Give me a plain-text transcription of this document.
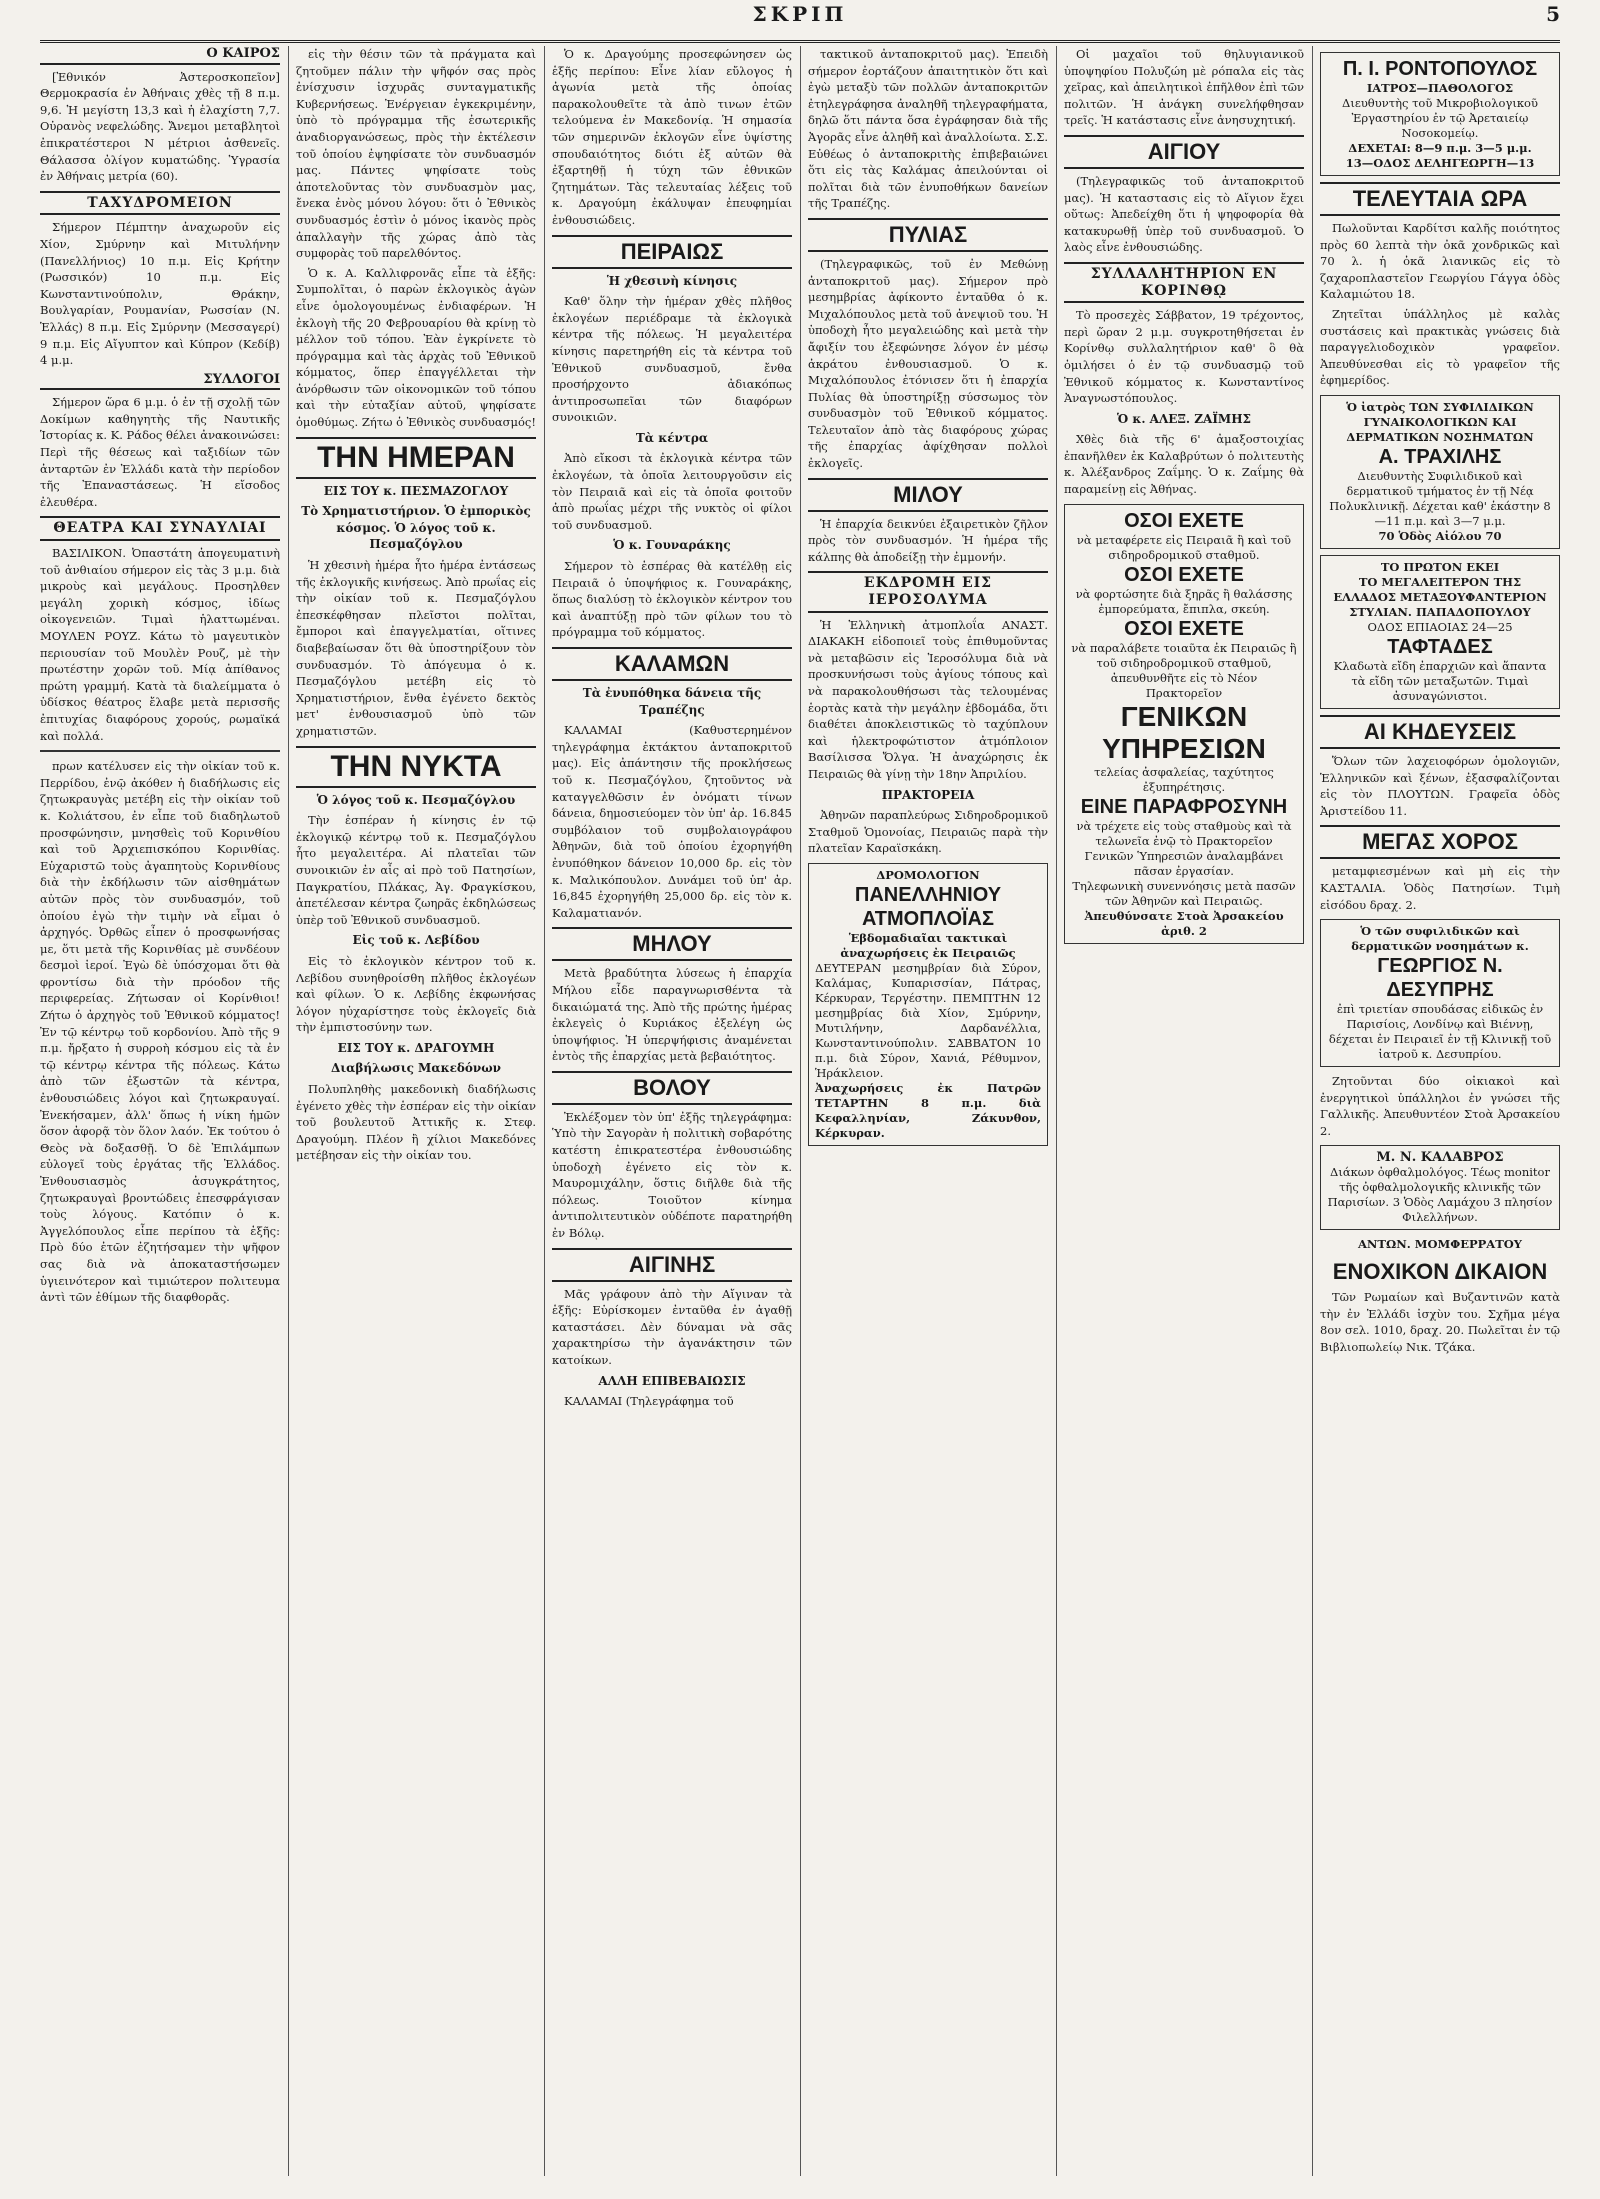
ΣΚΡΙΠ	5
Ο ΚΑΙΡΟΣ

[Ἐθνικόν Ἀστεροσκοπεῖον] Θερμοκρασία ἐν Ἀθήναις χθὲς τῇ 8 π.μ. 9,6. Ἡ μεγίστη 13,3 καὶ ἡ ἐλαχίστη 7,7. Οὐρανὸς νεφελώδης. Ἄνεμοι μεταβλητοὶ ἐπικρατέστεροι Ν μέτριοι ἀσθενεῖς. Θάλασσα ὀλίγον κυματώδης. Ὑγρασία ἐν Ἀθήναις μετρία (60).

ΤΑΧΥΔΡΟΜΕΙΟΝ

Σήμερον Πέμπτην ἀναχωροῦν εἰς Χίον, Σμύρνην καὶ Μιτυλήνην (Πανελλήνιος) 10 π.μ. Εἰς Κρήτην (Ρωσσικόν) 10 π.μ. Εἰς Κωνσταντινούπολιν, Θράκην, Βουλγαρίαν, Ρουμανίαν, Ρωσσίαν (Ν. Ἑλλάς) 8 π.μ. Εἰς Σμύρνην (Μεσσαγερί) 9 π.μ. Εἰς Αἴγυπτον καὶ Κύπρον (Κεδίβ) 4 μ.μ.

ΣΥΛΛΟΓΟΙ

Σήμερον ὥρα 6 μ.μ. ὁ ἐν τῇ σχολῇ τῶν Δοκίμων καθηγητὴς τῆς Ναυτικῆς Ἱστορίας κ. Κ. Ράδος θέλει ἀνακοινώσει: Περὶ τῆς θέσεως καὶ ταξιδίων τῶν ἀνταρτῶν ἐν Ἑλλάδι κατὰ τὴν περίοδον τῆς Ἐπαναστάσεως. Ἡ εἴσοδος ἐλευθέρα.

ΘΕΑΤΡΑ ΚΑΙ ΣΥΝΑΥΛΙΑΙ

ΒΑΣΙΛΙΚΟΝ. Ὀπαστάτη ἀπογευματινὴ τοῦ ἀνθιαίου σήμερον εἰς τὰς 3 μ.μ. διὰ μικροὺς καὶ μεγάλους. Προσηλθεν μεγάλη χορικὴ κόσμος, ἰδίως οἰκογενειῶν. Τιμαὶ ἡλαττωμέναι. ΜΟΥΛΕΝ ΡΟΥΖ. Κάτω τὸ μαγευτικὸν περιουσίαν τοῦ Μουλὲν Ρουζ, μὲ τὴν πρωτέστην χορῶν τοῦ. Μίᾳ ἀπίθανος πρώτη γραμμή. Κατὰ τὰ διαλείμματα ὁ ὑδίσκος θέατρος ἔλαβε μετὰ περισσῆς ἐπιτυχίας διαφόρους χορούς, ρωμαϊκά καὶ πολλά.

πρων κατέλυσεν εἰς τὴν οἰκίαν τοῦ κ. Περρίδου, ἐνῷ ἀκόθεν ἡ διαδήλωσις εἰς ζητωκραυγὰς μετέβη εἰς τὴν οἰκίαν τοῦ κ. Κολιάτσου, ἐν εἶπε τοῦ διαδηλωτοῦ προσφώνησιν, μνησθεὶς τοῦ Κορινθίου καὶ τοῦ Ἀρχιεπισκόπου Κορινθίας. Εὐχαριστῶ τοὺς ἀγαπητοὺς Κορινθίους διὰ τὴν ἐκδήλωσιν τῶν αἰσθημάτων αὐτῶν πρὸς τὸν συνδυασμόν, τοῦ ὁποίου ἐγὼ τὴν τιμὴν νὰ εἶμαι ὁ ἀρχηγός. Ὀρθῶς εἶπεν ὁ προσφωνήσας με, ὅτι μετὰ τῆς Κορινθίας μὲ συνδέουν δεσμοὶ ἱεροί. Ἐγὼ δὲ ὑπόσχομαι ὅτι θὰ φροντίσω διὰ τὴν πρόοδον τῆς περιφερείας. Ζήτωσαν οἱ Κορίνθιοι! Ζήτω ὁ ἀρχηγὸς τοῦ Ἐθνικοῦ κόμματος! Ἐν τῷ κέντρῳ τοῦ κορδονίου. Ἀπὸ τῆς 9 π.μ. ἤρξατο ἡ συρροὴ κόσμου εἰς τὰ ἐν τῷ κέντρῳ κέντρα τῆς πόλεως. Κάτω ἀπὸ τῶν ἐξωστῶν τὰ κέντρα, ἐνθουσιώδεις λόγοι καὶ ζητωκραυγαί. Ἐνεκήσαμεν, ἀλλ' ὅπως ἡ νίκη ἡμῶν ὅσον ἀφορᾷ τὸν ὅλον λαόν. Ἐκ τούτου ὁ Θεὸς νὰ δοξασθῇ. Ὁ δὲ Ἐπιλάμπων εὐλογεῖ τοὺς ἐργάτας τῆς Ἐλλάδος. Ἐνθουσιασμὸς ἀσυγκράτητος, ζητωκραυγαὶ βροντώδεις ἐπεσφράγισαν τοὺς λόγους. Κατόπιν ὁ κ. Ἀγγελόπουλος εἶπε περίπου τὰ ἑξῆς: Πρὸ δύο ἐτῶν ἐζητήσαμεν τὴν ψῆφον σας διὰ νὰ ἀποκαταστήσωμεν ὑγιεινότερον καὶ τιμιώτερον πολιτευμα ἀντὶ τῶν ἐθίμων τῆς διαφθορᾶς.

εἰς τὴν θέσιν τῶν τὰ πράγματα καὶ ζητοῦμεν πάλιν τὴν ψῆφόν σας πρὸς ἐνίσχυσιν ἰσχυρᾶς συνταγματικῆς Κυβερνήσεως. Ἐνέργειαν ἐγκεκριμένην, ὑπὸ τὸ πρόγραμμα τῆς ἐσωτερικῆς ἀναδιοργανώσεως, πρὸς τὴν ἐκτέλεσιν τοῦ ὁποίου ἐψηφίσατε τὸν συνδυασμόν μας. Πάντες ψηφίσατε τοὺς ἀποτελοῦντας τὸν συνδυασμὸν μας, ἔνεκα ἐνὸς μόνου λόγου: ὅτι ὁ Ἐθνικὸς συνδυασμός ἐστὶν ὁ μόνος ἱκανὸς πρὸς ἀπαλλαγὴν τῆς χώρας ἀπὸ τὰς συμφορὰς τοῦ παρελθόντος.

Ὁ κ. Α. Καλλιφρονᾶς εἶπε τὰ ἑξῆς: Συμπολῖται, ὁ παρὼν ἐκλογικὸς ἀγὼν εἶνε ὁμολογουμένως ἐνδιαφέρων. Ἡ ἐκλογὴ τῆς 20 Φεβρουαρίου θὰ κρίνῃ τὸ μέλλον τοῦ τόπου. Ἐὰν ἐγκρίνετε τὸ πρόγραμμα καὶ τὰς ἀρχὰς τοῦ Ἐθνικοῦ κόμματος, ὅπερ ἐπαγγέλλεται τὴν ἀνόρθωσιν τῶν οἰκονομικῶν τοῦ τόπου καὶ τὴν εὐταξίαν αὐτοῦ, ψηφίσατε ὁμοθύμως. Ζήτω ὁ Ἐθνικὸς συνδυασμός!

ΤΗΝ ΗΜΕΡΑΝ
ΕΙΣ ΤΟΥ κ. ΠΕΣΜΑΖΟΓΛΟΥ
Τὸ Χρηματιστήριον. Ὁ ἐμπορικὸς κόσμος. Ὁ λόγος τοῦ κ. Πεσμαζόγλου

Ἡ χθεσινὴ ἡμέρα ἦτο ἡμέρα ἐντάσεως τῆς ἐκλογικῆς κινήσεως. Ἀπὸ πρωΐας εἰς τὴν οἰκίαν τοῦ κ. Πεσμαζόγλου ἐπεσκέφθησαν πλεῖστοι πολῖται, ἔμποροι καὶ ἐπαγγελματίαι, οἵτινες διαβεβαίωσαν ὅτι θὰ ὑποστηρίξουν τὸν συνδυασμόν. Τὸ ἀπόγευμα ὁ κ. Πεσμαζόγλου μετέβη εἰς τὸ Χρηματιστήριον, ἔνθα ἐγένετο δεκτὸς μετ' ἐνθουσιασμοῦ ὑπὸ τῶν χρηματιστῶν.

ΤΗΝ ΝΥΚΤΑ
Ὁ λόγος τοῦ κ. Πεσμαζόγλου

Τὴν ἑσπέραν ἡ κίνησις ἐν τῷ ἐκλογικῷ κέντρῳ τοῦ κ. Πεσμαζόγλου ἦτο μεγαλειτέρα. Αἱ πλατεῖαι τῶν συνοικιῶν ἐν αἷς αἱ πρὸ τοῦ Πατησίων, Παγκρατίου, Πλάκας, Ἀγ. Φραγκίσκου, ἀπετέλεσαν κέντρα ζωηρᾶς ἐκδηλώσεως ὑπὲρ τοῦ Ἐθνικοῦ συνδυασμοῦ.

Εἰς τοῦ κ. Λεβίδου

Εἰς τὸ ἐκλογικὸν κέντρον τοῦ κ. Λεβίδου συνηθροίσθη πλῆθος ἐκλογέων καὶ φίλων. Ὁ κ. Λεβίδης ἐκφωνήσας λόγον ηὐχαρίστησε τοὺς ἐκλογεῖς διὰ τὴν ἐμπιστοσύνην των.

ΕΙΣ ΤΟΥ κ. ΔΡΑΓΟΥΜΗ
Διαβήλωσις Μακεδόνων

Πολυπληθὴς μακεδονικὴ διαδήλωσις ἐγένετο χθὲς τὴν ἑσπέραν εἰς τὴν οἰκίαν τοῦ βουλευτοῦ Ἀττικῆς κ. Στεφ. Δραγούμη. Πλέον ἢ χίλιοι Μακεδόνες μετέβησαν εἰς τὴν οἰκίαν του.

Ὁ κ. Δραγούμης προσεφώνησεν ὡς ἑξῆς περίπου: Εἶνε λίαν εὔλογος ἡ ἀγωνία μετὰ τῆς ὁποίας παρακολουθεῖτε τὰ ἀπὸ τινων ἐτῶν τελούμενα ἐν Μακεδονίᾳ. Ἡ σημασία τῶν σημερινῶν ἐκλογῶν εἶνε ὑψίστης σπουδαιότητος διότι ἐξ αὐτῶν θὰ ἐξαρτηθῇ ἡ τύχη τῶν ἐθνικῶν ζητημάτων. Τὰς τελευταίας λέξεις τοῦ κ. Δραγούμη ἐκάλυψαν ἐπευφημίαι ἐνθουσιώδεις.

ΠΕΙΡΑΙΩΣ
Ἡ χθεσινὴ κίνησις

Καθ' ὅλην τὴν ἡμέραν χθὲς πλῆθος ἐκλογέων περιέδραμε τὰ ἐκλογικὰ κέντρα τῆς πόλεως. Ἡ μεγαλειτέρα κίνησις παρετηρήθη εἰς τὰ κέντρα τοῦ Ἐθνικοῦ συνδυασμοῦ, ἔνθα προσήρχοντο ἀδιακόπως ἀντιπροσωπεῖαι τῶν διαφόρων συνοικιῶν.

Τὰ κέντρα

Ἀπὸ εἴκοσι τὰ ἐκλογικὰ κέντρα τῶν ἐκλογέων, τὰ ὁποῖα λειτουργοῦσιν εἰς τὸν Πειραιᾶ καὶ εἰς τὰ ὁποῖα φοιτοῦν ἀπὸ πρωΐας μέχρι τῆς νυκτὸς οἱ φίλοι τοῦ συνδυασμοῦ.

Ὁ κ. Γουναράκης

Σήμερον τὸ ἑσπέρας θὰ κατέλθῃ εἰς Πειραιᾶ ὁ ὑποψήφιος κ. Γουναράκης, ὅπως διαλύσῃ τὸ ἐκλογικὸν κέντρον του καὶ ἀναπτύξῃ πρὸ τῶν φίλων του τὸ πρόγραμμα τοῦ κόμματος.

ΚΑΛΑΜΩΝ
Τὰ ἐνυπόθηκα δάνεια τῆς Τραπέζης

ΚΑΛΑΜΑΙ (Καθυστερημένον τηλεγράφημα ἐκτάκτου ἀνταποκριτοῦ μας). Εἰς ἀπάντησιν τῆς προκλήσεως τοῦ κ. Πεσμαζόγλου, ζητοῦντος νὰ καταγγελθῶσιν ἐν ὀνόματι τίνων δάνεια, δημοσιεύομεν τὸν ὑπ' ἀρ. 16.845 συμβόλαιον τοῦ συμβολαιογράφου Ἀθηνῶν, διὰ τοῦ ὁποίου ἐχορηγήθη ἐνυπόθηκον δάνειον 10,000 δρ. εἰς τὸν κ. Μαλικόπουλον. Δυνάμει τοῦ ὑπ' ἀρ. 16,845 ἐχορηγήθη 25,000 δρ. εἰς τὸν κ. Καλαματιανόν.

ΜΗΛΟΥ

Μετὰ βραδύτητα λύσεως ἡ ἐπαρχία Μήλου εἶδε παραγνωρισθέντα τὰ δικαιώματά της. Ἀπὸ τῆς πρώτης ἡμέρας ἐκλεγεὶς ὁ Κυριάκος ἐξελέγη ὡς ὑποψήφιος. Ἡ ὑπερψήφισις ἀναμένεται ἐντὸς τῆς ἐπαρχίας μετὰ βεβαιότητος.

ΒΟΛΟΥ

Ἐκλέξομεν τὸν ὑπ' ἐξῆς τηλεγράφημα: Ὑπὸ τὴν Σαγορὰν ἡ πολιτικὴ σοβαρότης κατέστη ἐπικρατεστέρα ἐνθουσιώδης ὑποδοχὴ ἐγένετο εἰς τὸν κ. Μαυρομιχάλην, ὅστις διῆλθε διὰ τῆς πόλεως. Τοιοῦτον κίνημα ἀντιπολιτευτικὸν οὐδέποτε παρατηρήθη ἐν Βόλῳ.

ΑΙΓΙΝΗΣ

Μᾶς γράφουν ἀπὸ τὴν Αἴγιναν τὰ ἑξῆς: Εὑρίσκομεν ἐνταῦθα ἐν ἀγαθῇ καταστάσει. Δὲν δύναμαι νὰ σᾶς χαρακτηρίσω τὴν ἀγανάκτησιν τῶν κατοίκων.

ΑΛΛΗ ΕΠΙΒΕΒΑΙΩΣΙΣ

ΚΑΛΑΜΑΙ (Τηλεγράφημα τοῦ

τακτικοῦ ἀνταποκριτοῦ μας). Ἐπειδὴ σήμερον ἐορτάζουν ἀπαιτητικὸν ὅτι καὶ ἐγὼ μεταξὺ τῶν πολλῶν ἀνταποκριτῶν ἐτηλεγράφησα ἀναληθῆ τηλεγραφήματα, δηλῶ ὅτι πάντα ὅσα ἐγράφησαν διὰ τῆς Ἀγορᾶς εἶνε ἀληθῆ καὶ ἀναλλοίωτα. Σ.Σ. Εὐθέως ὁ ἀνταποκριτὴς ἐπιβεβαιώνει ὅτι εἰς τὰς Καλάμας ἀπειλούνται οἱ πολῖται διὰ τῶν ἐνυποθήκων δανείων τῆς Τραπέζης.

ΠΥΛΙΑΣ

(Τηλεγραφικῶς, τοῦ ἐν Μεθώνῃ ἀνταποκριτοῦ μας). Σήμερον πρὸ μεσημβρίας ἀφίκοντο ἐνταῦθα ὁ κ. Μιχαλόπουλος μετὰ τοῦ ἀνεψιοῦ του. Ἡ ὑποδοχὴ ἦτο μεγαλειώδης καὶ μετὰ τὴν ἄφιξίν του ἐξεφώνησε λόγον ἐν μέσῳ ἀκράτου ἐνθουσιασμοῦ. Ὁ κ. Μιχαλόπουλος ἐτόνισεν ὅτι ἡ ἐπαρχία Πυλίας θὰ ὑποστηρίξῃ σύσσωμος τὸν συνδυασμὸν τοῦ Ἐθνικοῦ κόμματος. Τελευταῖον ἀπὸ τὰς διαφόρους χώρας τῆς ἐπαρχίας ἀφίχθησαν πολλοὶ ἐκλογεῖς.

ΜΙΛΟΥ

Ἡ ἐπαρχία δεικνύει ἐξαιρετικὸν ζῆλον πρὸς τὸν συνδυασμόν. Ἡ ἡμέρα τῆς κάλπης θὰ ἀποδείξῃ τὴν ἐμμονήν.

ΕΚΔΡΟΜΗ ΕΙΣ ΙΕΡΟΣΟΛΥΜΑ

Ἡ Ἑλληνικὴ ἀτμοπλοΐα ΑΝΑΣΤ. ΔΙΑΚΑΚΗ εἰδοποιεῖ τοὺς ἐπιθυμοῦντας νὰ μεταβῶσιν εἰς Ἱεροσόλυμα διὰ νὰ προσκυνήσωσι τοὺς ἁγίους τόπους καὶ νὰ παρακολουθήσωσι τὰς τελουμένας ἑορτὰς κατὰ τὴν μεγάλην ἑβδομάδα, ὅτι διαθέτει ἀποκλειστικῶς τὸ ταχύπλουν καὶ ἠλεκτροφώτιστον ἀτμόπλοιον Βασίλισσα Ὄλγα. Ἡ ἀναχώρησις ἐκ Πειραιῶς θὰ γίνῃ τὴν 18ην Ἀπριλίου.

ΠΡΑΚΤΟΡΕΙΑ

Ἀθηνῶν παραπλεύρως Σιδηροδρομικοῦ Σταθμοῦ Ὁμονοίας, Πειραιῶς παρὰ τὴν πλατεῖαν Καραϊσκάκη.

ΔΡΟΜΟΛΟΓΙΟΝ
ΠΑΝΕΛΛΗΝΙΟΥ ΑΤΜΟΠΛΟΪΑΣ
Ἑβδομαδιαῖαι τακτικαὶ ἀναχωρήσεις ἐκ Πειραιῶς
ΔΕΥΤΕΡΑΝ μεσημβρίαν διὰ Σύρον, Καλάμας, Κυπαρισσίαν, Πάτρας, Κέρκυραν, Τεργέστην. ΠΕΜΠΤΗΝ 12 μεσημβρίας διὰ Χίον, Σμύρνην, Μυτιλήνην, Δαρδανέλλια, Κωνσταντινούπολιν. ΣΑΒΒΑΤΟΝ 10 π.μ. διὰ Σύρον, Χανιά, Ρέθυμνον, Ἡράκλειον.
Ἀναχωρήσεις ἐκ Πατρῶν ΤΕΤΑΡΤΗΝ 8 π.μ. διὰ Κεφαλληνίαν, Ζάκυνθον, Κέρκυραν.

Οἱ μαχαῖοι τοῦ θηλυγιανικοῦ ὑποψηφίου Πολυζώη μὲ ρόπαλα εἰς τὰς χεῖρας, καὶ ἀπειλητικοὶ ἐπῆλθον ἐπὶ τῶν πολιτῶν. Ἡ ἀνάγκη συνελήφθησαν τρεῖς. Ἡ κατάστασις εἶνε ἀνησυχητική.

ΑΙΓΙΟΥ

(Τηλεγραφικῶς τοῦ ἀνταποκριτοῦ μας). Ἡ καταστασις εἰς τὸ Αἴγιον ἔχει οὕτως: Ἀπεδείχθη ὅτι ἡ ψηφοφορία θὰ κατακυρωθῇ ὑπὲρ τοῦ συνδυασμοῦ. Ὁ λαὸς εἶνε ἐνθουσιώδης.

ΣΥΛΛΑΛΗΤΗΡΙΟΝ ΕΝ ΚΟΡΙΝΘῼ

Τὸ προσεχὲς Σάββατον, 19 τρέχοντος, περὶ ὥραν 2 μ.μ. συγκροτηθήσεται ἐν Κορίνθῳ συλλαλητήριον καθ' ὃ θὰ ὁμιλήσει ὁ ἐν τῷ συνδυασμῷ τοῦ Ἐθνικοῦ κόμματος κ. Κωνσταντίνος Ἀναγνωστόπουλος.

Ὁ κ. ΑΛΕΞ. ΖΑΪΜΗΣ

Χθὲς διὰ τῆς 6' ἀμαξοστοιχίας ἐπανῆλθεν ἐκ Καλαβρύτων ὁ πολιτευτὴς κ. Ἀλέξανδρος Ζαΐμης. Ὁ κ. Ζαΐμης θὰ παραμείνῃ εἰς Ἀθήνας.

ΟΣΟΙ ΕΧΕΤΕ
νὰ μεταφέρετε εἰς Πειραιᾶ ἢ καὶ τοῦ σιδηροδρομικοῦ σταθμοῦ.
ΟΣΟΙ ΕΧΕΤΕ
νὰ φορτώσητε διὰ ξηρᾶς ἢ θαλάσσης ἐμπορεύματα, ἔπιπλα, σκεύη.
ΟΣΟΙ ΕΧΕΤΕ
νὰ παραλάβετε τοιαῦτα ἐκ Πειραιῶς ἢ τοῦ σιδηροδρομικοῦ σταθμοῦ, ἀπευθυνθῆτε εἰς τὸ Νέον Πρακτορεῖον
ΓΕΝΙΚΩΝ ΥΠΗΡΕΣΙΩΝ
τελείας ἀσφαλείας, ταχύτητος ἐξυπηρέτησις.
ΕΙΝΕ ΠΑΡΑΦΡΟΣΥΝΗ
νὰ τρέχετε εἰς τοὺς σταθμοὺς καὶ τὰ τελωνεῖα ἐνῷ τὸ Πρακτορεῖον Γενικῶν Ὑπηρεσιῶν ἀναλαμβάνει πᾶσαν ἐργασίαν.
Τηλεφωνικὴ συνεννόησις μετὰ πασῶν τῶν Ἀθηνῶν καὶ Πειραιῶς.
Ἀπευθύνσατε Στοὰ Ἀρσακείου ἀριθ. 2
Π. Ι. ΡΟΝΤΟΠΟΥΛΟΣ
ΙΑΤΡΟΣ—ΠΑΘΟΛΟΓΟΣ
Διευθυντὴς τοῦ Μικροβιολογικοῦ Ἐργαστηρίου ἐν τῷ Ἀρεταιείῳ Νοσοκομείῳ.
ΔΕΧΕΤΑΙ: 8—9 π.μ. 3—5 μ.μ.
13—ΟΔΟΣ ΔΕΛΗΓΕΩΡΓΗ—13
ΤΕΛΕΥΤΑΙΑ ΩΡΑ

Πωλοῦνται Καρδίτσι καλῆς ποιότητος πρὸς 60 λεπτὰ τὴν ὀκᾶ χονδρικῶς καὶ 70 λ. ἡ ὀκᾶ λιανικῶς εἰς τὸ ζαχαροπλαστεῖον Γεωργίου Γάγγα ὁδὸς Καλαμιώτου 18.

Ζητεῖται ὑπάλληλος μὲ καλὰς συστάσεις καὶ πρακτικὰς γνώσεις διὰ παραγγελιοδοχικὸν γραφεῖον. Ἀπευθύνεσθαι εἰς τὸ γραφεῖον τῆς ἐφημερίδος.

Ὁ ἰατρὸς ΤΩΝ ΣΥΦΙΛΙΔΙΚΩΝ
ΓΥΝΑΙΚΟΛΟΓΙΚΩΝ ΚΑΙ ΔΕΡΜΑΤΙΚΩΝ ΝΟΣΗΜΑΤΩΝ
Α. ΤΡΑΧΙΛΗΣ
Διευθυντὴς Συφιλιδικοῦ καὶ δερματικοῦ τμήματος ἐν τῇ Νέᾳ Πολυκλινικῇ. Δέχεται καθ' ἑκάστην 8—11 π.μ. καὶ 3—7 μ.μ.
70 Ὁδὸς Αἰόλου 70
ΤΟ ΠΡΩΤΟΝ ΕΚΕΙ
ΤΟ ΜΕΓΑΛΕΙΤΕΡΟΝ ΤΗΣ ΕΛΛΑΔΟΣ ΜΕΤΑΞΟΥΦΑΝΤΕΡΙΟΝ
ΣΤΥΛΙΑΝ. ΠΑΠΑΔΟΠΟΥΛΟΥ
ΟΔΟΣ ΕΠΙΑΟΙΑΣ 24—25
ΤΑΦΤΑΔΕΣ
Κλαδωτὰ εἴδη ἐπαρχιῶν καὶ ἅπαντα τὰ εἴδη τῶν μεταξωτῶν. Τιμαὶ ἀσυναγώνιστοι.
ΑΙ ΚΗΔΕΥΣΕΙΣ

Ὅλων τῶν λαχειοφόρων ὁμολογιῶν, Ἑλληνικῶν καὶ ξένων, ἐξασφαλίζονται εἰς τὸν ΠΛΟΥΤΩΝ. Γραφεῖα ὁδὸς Ἀριστείδου 11.

ΜΕΓΑΣ ΧΟΡΟΣ

μεταμφιεσμένων καὶ μὴ εἰς τὴν ΚΑΣΤΑΛΙΑ. Ὁδὸς Πατησίων. Τιμὴ εἰσόδου δραχ. 2.

Ὁ τῶν συφιλιδικῶν καὶ δερματικῶν νοσημάτων κ.
ΓΕΩΡΓΙΟΣ Ν. ΔΕΣΥΠΡΗΣ
ἐπὶ τριετίαν σπουδάσας εἰδικῶς ἐν Παρισίοις, Λονδίνῳ καὶ Βιέννῃ, δέχεται ἐν Πειραιεῖ ἐν τῇ Κλινικῇ τοῦ ἰατροῦ κ. Δεσυπρίου.

Ζητοῦνται δύο οἰκιακοὶ καὶ ἐνεργητικοὶ ὑπάλληλοι ἐν γνώσει τῆς Γαλλικῆς. Ἀπευθυντέον Στοὰ Ἀρσακείου 2.

Μ. Ν. ΚΑΛΑΒΡΟΣ
Διάκων ὀφθαλμολόγος. Τέως monitor τῆς ὀφθαλμολογικῆς κλινικῆς τῶν Παρισίων. 3 Ὁδὸς Λαμάχου 3 πλησίον Φιλελλήνων.
ΑΝΤΩΝ. ΜΟΜΦΕΡΡΑΤΟΥ
ΕΝΟΧΙΚΟΝ ΔΙΚΑΙΟΝ

Τῶν Ρωμαίων καὶ Βυζαντινῶν κατὰ τὴν ἐν Ἑλλάδι ἰσχὺν του. Σχῆμα μέγα 8ον σελ. 1010, δραχ. 20. Πωλεῖται ἐν τῷ Βιβλιοπωλείῳ Νικ. Τζάκα.
